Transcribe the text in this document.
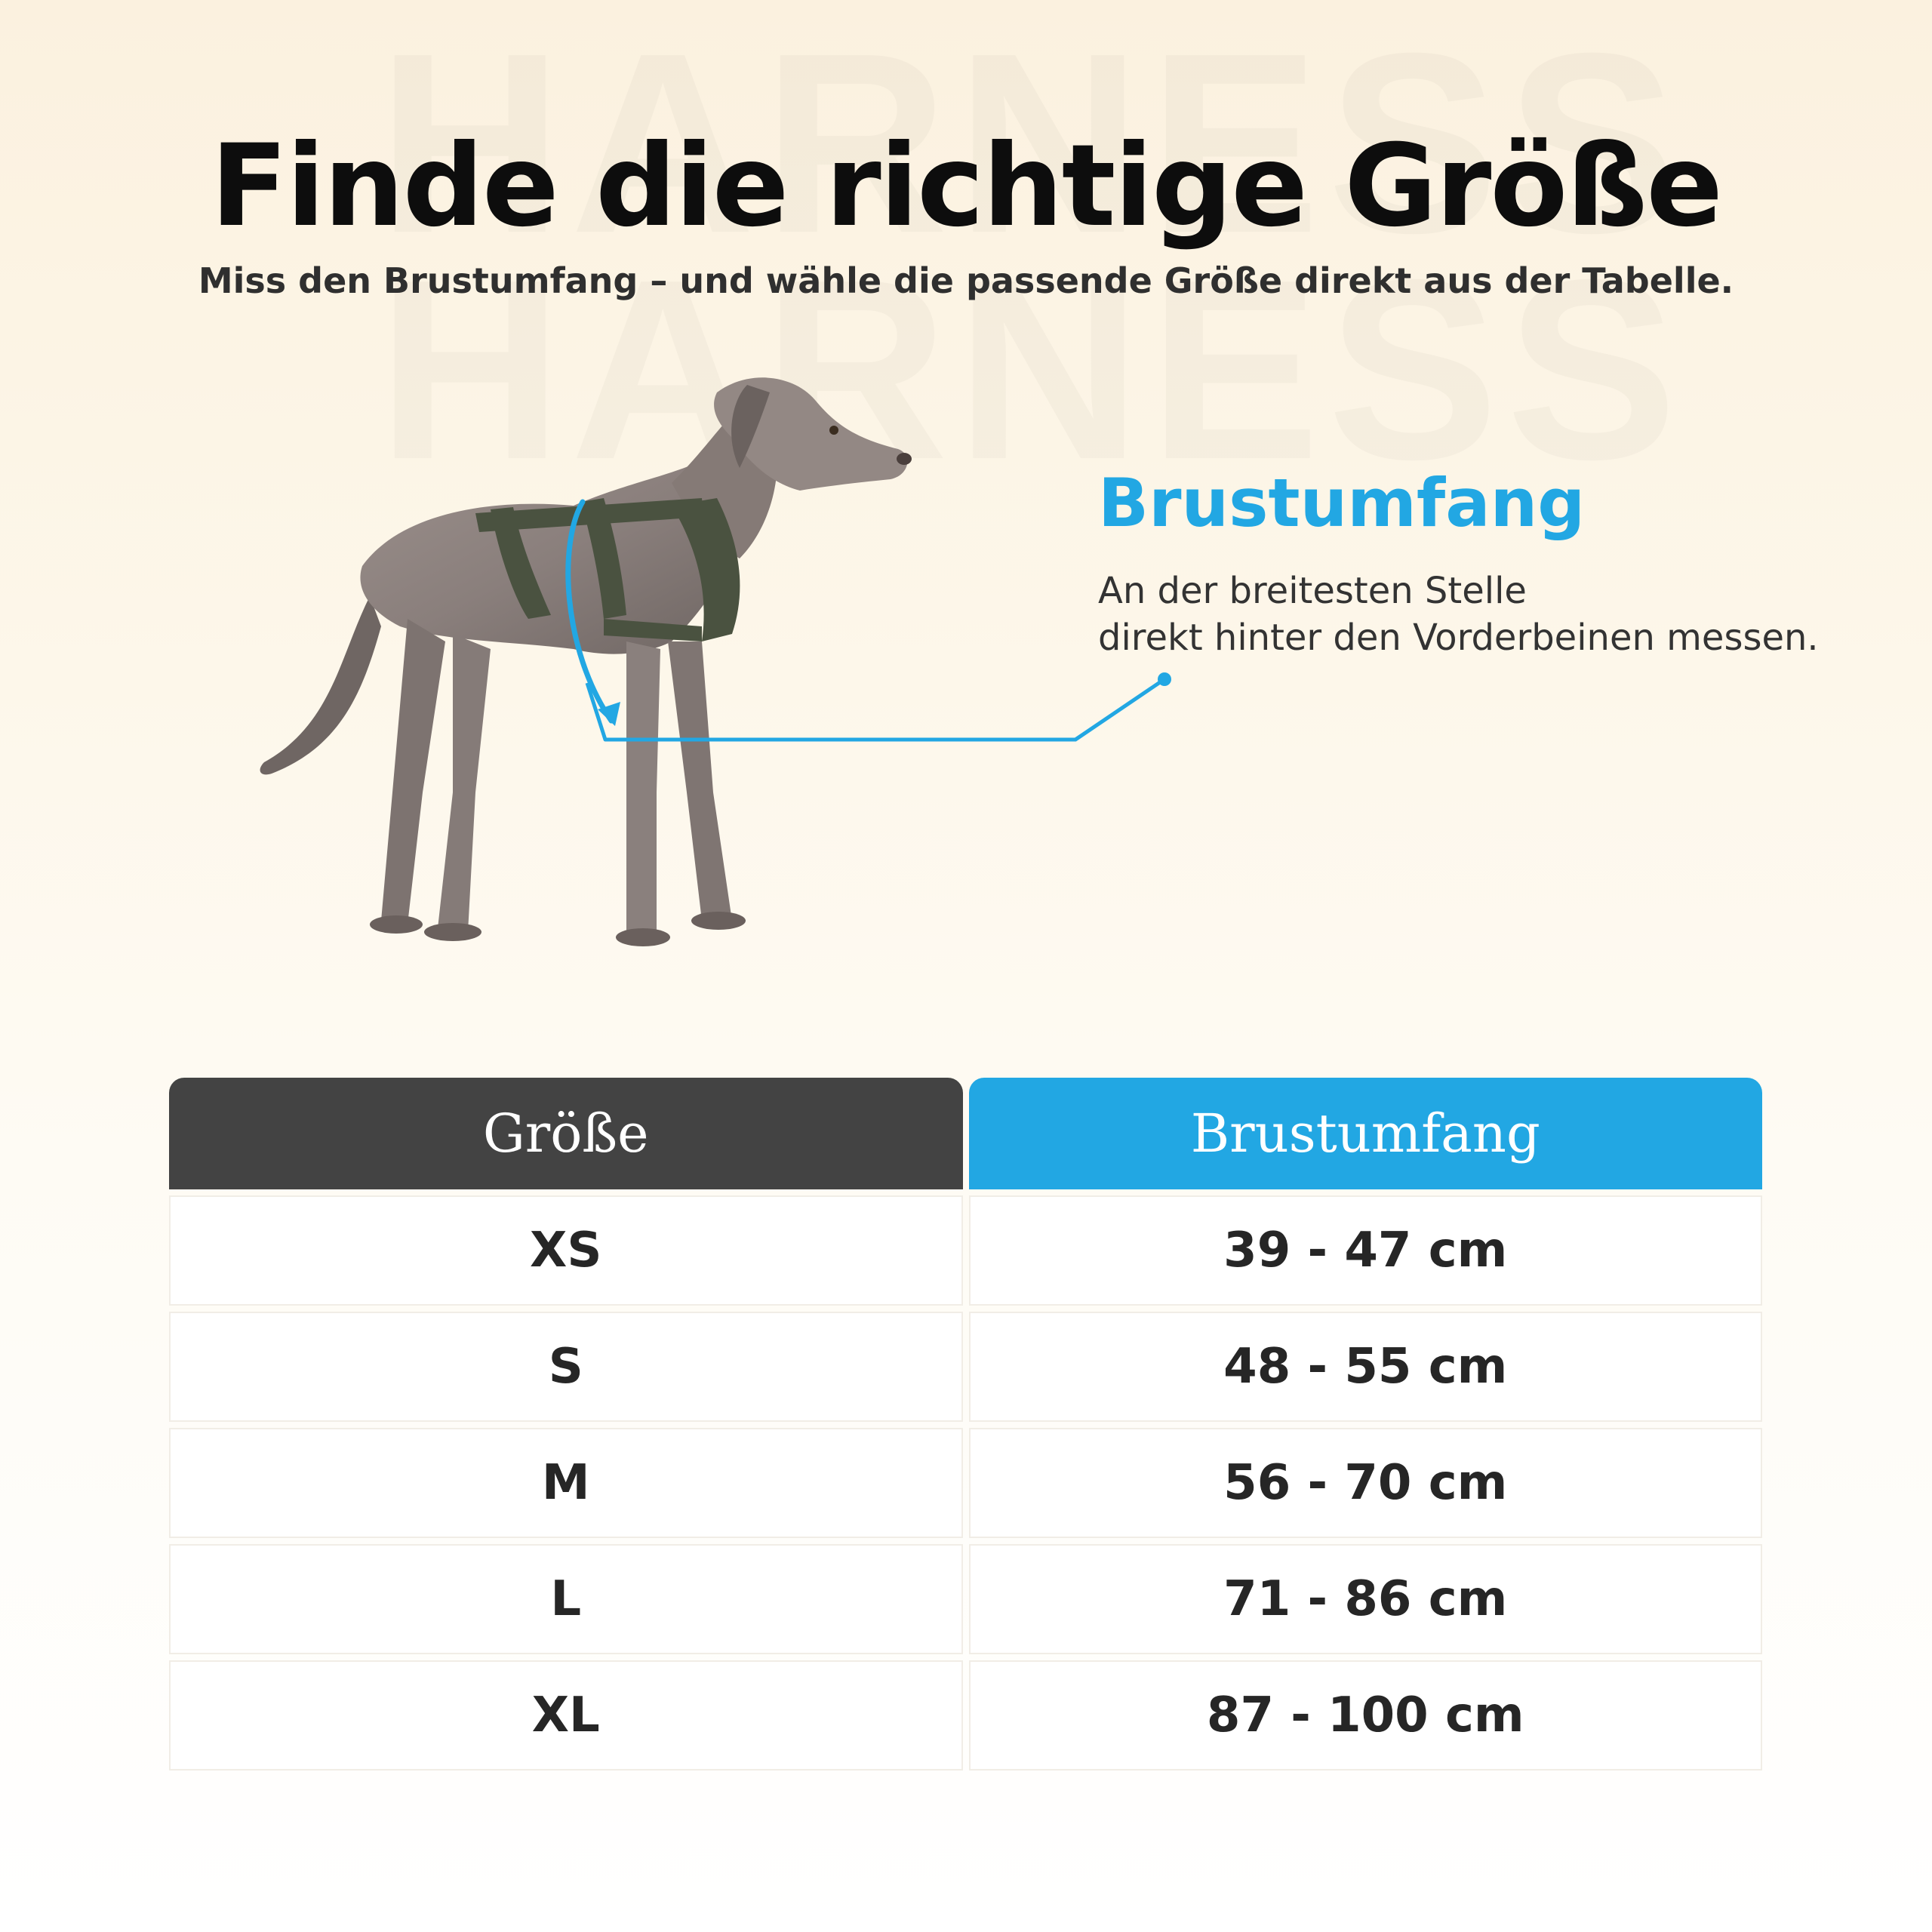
Finde die richtige Größe

Miss den Brustumfang – und wähle die passende Größe direkt aus der Tabelle.

Brustumfang

An der breitesten Stelle
direkt hinter den Vorderbeinen messen.

Größe	Brustumfang
XS	39 - 47 cm
S	48 - 55 cm
M	56 - 70 cm
L	71 - 86 cm
XL	87 - 100 cm
